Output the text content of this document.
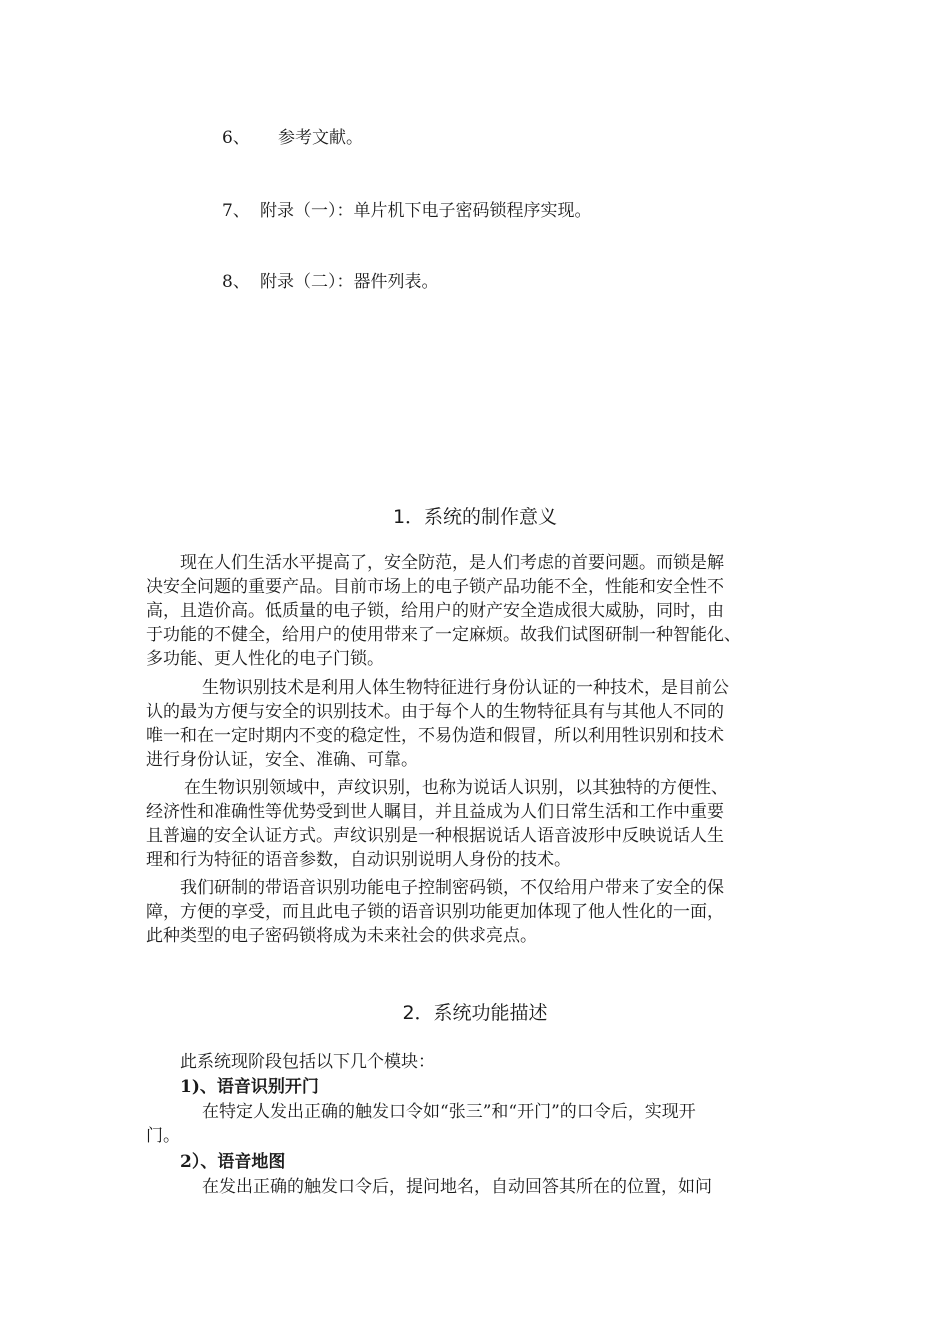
6、 参考文献。
7、 附录（一）：单片机下电子密码锁程序实现。
8、 附录（二）：器件列表。
1．系统的制作意义
现在人们生活水平提高了，安全防范，是人们考虑的首要问题。而锁是解
决安全问题的重要产品。目前市场上的电子锁产品功能不全，性能和安全性不
高，且造价高。低质量的电子锁，给用户的财产安全造成很大威胁，同时，由
于功能的不健全，给用户的使用带来了一定麻烦。故我们试图研制一种智能化、
多功能、更人性化的电子门锁。
生物识别技术是利用人体生物特征进行身份认证的一种技术，是目前公
认的最为方便与安全的识别技术。由于每个人的生物特征具有与其他人不同的
唯一和在一定时期内不变的稳定性，不易伪造和假冒，所以利用牲识别和技术
进行身份认证，安全、准确、可靠。
在生物识别领域中，声纹识别，也称为说话人识别，以其独特的方便性、
经济性和准确性等优势受到世人瞩目，并且益成为人们日常生活和工作中重要
且普遍的安全认证方式。声纹识别是一种根据说话人语音波形中反映说话人生
理和行为特征的语音参数，自动识别说明人身份的技术。
我们研制的带语音识别功能电子控制密码锁，不仅给用户带来了安全的保
障，方便的享受，而且此电子锁的语音识别功能更加体现了他人性化的一面，
此种类型的电子密码锁将成为未来社会的供求亮点。
2．系统功能描述
此系统现阶段包括以下几个模块：
1)、语音识别开门
在特定人发出正确的触发口令如“张三”和“开门”的口令后，实现开
门。
2）、语音地图
在发出正确的触发口令后，提问地名，自动回答其所在的位置，如问
